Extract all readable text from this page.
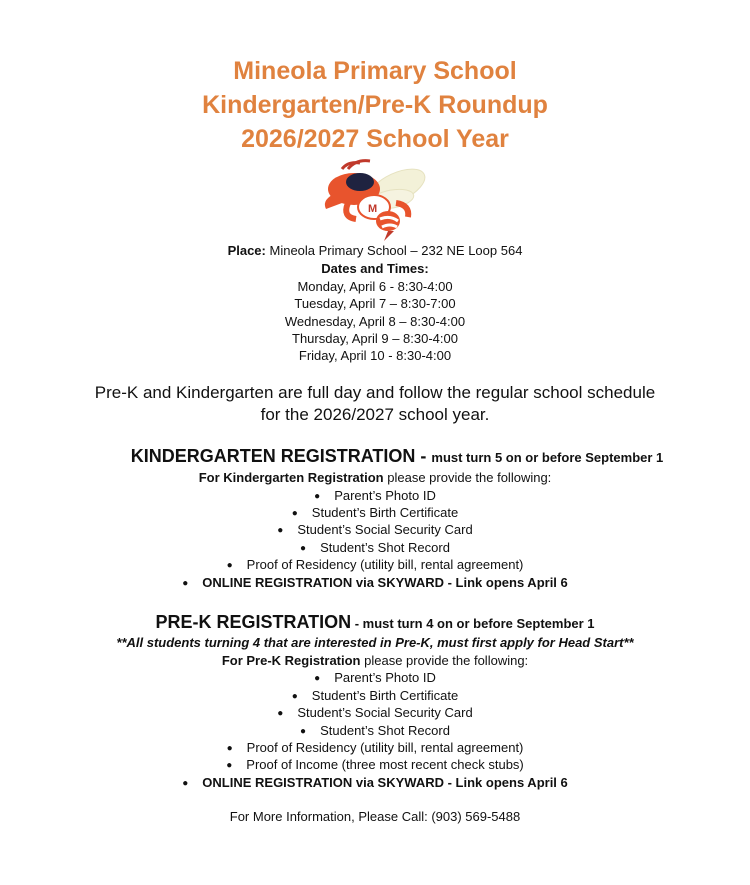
Mineola Primary School
Kindergarten/Pre-K Roundup
2026/2027 School Year
M
Place: Mineola Primary School – 232 NE Loop 564
Dates and Times:
Monday, April 6 - 8:30-4:00
Tuesday, April 7 – 8:30-7:00
Wednesday, April 8 – 8:30-4:00
Thursday, April 9 – 8:30-4:00
Friday, April 10 - 8:30-4:00
Pre-K and Kindergarten are full day and follow the regular school schedule
for the 2026/2027 school year.
KINDERGARTEN REGISTRATION - must turn 5 on or before September 1
For Kindergarten Registration please provide the following:
● Parent’s Photo ID
● Student’s Birth Certificate
● Student’s Social Security Card
● Student’s Shot Record
● Proof of Residency (utility bill, rental agreement)
● ONLINE REGISTRATION via SKYWARD - Link opens April 6
PRE-K REGISTRATION - must turn 4 on or before September 1
**All students turning 4 that are interested in Pre-K, must first apply for Head Start**
For Pre-K Registration please provide the following:
● Parent’s Photo ID
● Student’s Birth Certificate
● Student’s Social Security Card
● Student’s Shot Record
● Proof of Residency (utility bill, rental agreement)
● Proof of Income (three most recent check stubs)
● ONLINE REGISTRATION via SKYWARD - Link opens April 6
For More Information, Please Call: (903) 569-5488
